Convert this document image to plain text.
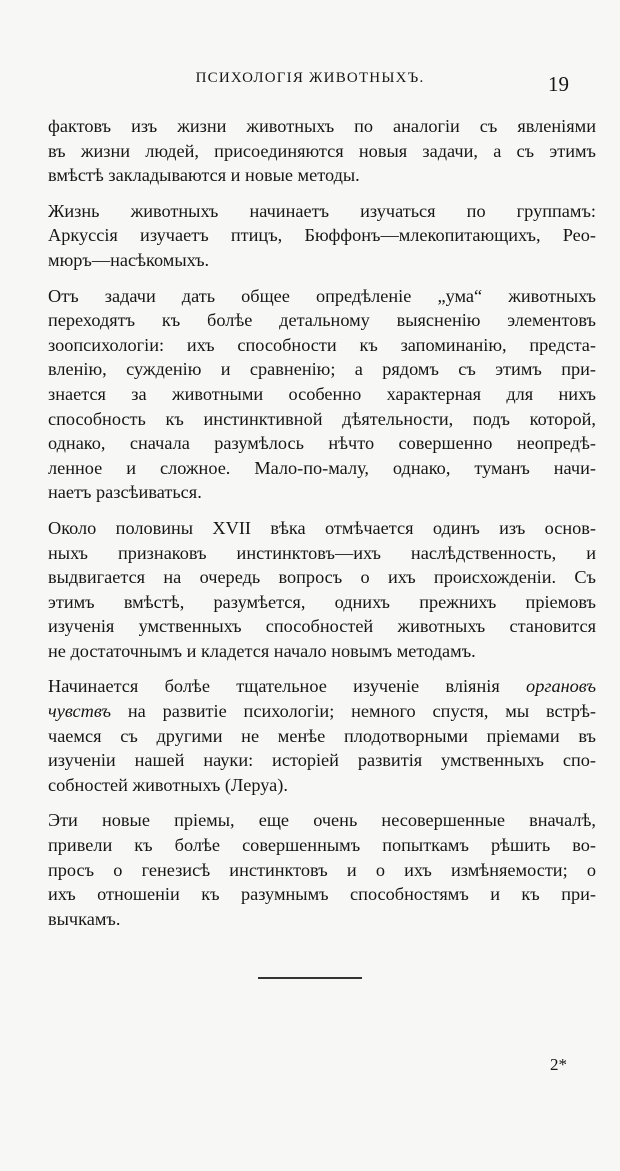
ПСИХОЛОГІЯ ЖИВОТНЫХЪ.	19
фактовъ изъ жизни животныхъ по аналогіи съ явленіями
въ жизни людей, присоединяются новыя задачи, а съ этимъ
вмѣстѣ закладываются и новые методы.
Жизнь животныхъ начинаетъ изучаться по группамъ:
Аркуссія изучаетъ птицъ, Бюффонъ—млекопитающихъ, Рео-
мюръ—насѣкомыхъ.
Отъ задачи дать общее опредѣленіе „ума“ животныхъ
переходятъ къ болѣе детальному выясненію элементовъ
зоопсихологіи: ихъ способности къ запоминанію, предста-
вленію, сужденію и сравненію; а рядомъ съ этимъ при-
знается за животными особенно характерная для нихъ
способность къ инстинктивной дѣятельности, подъ которой,
однако, сначала разумѣлось нѣчто совершенно неопредѣ-
ленное и сложное. Мало-по-малу, однако, туманъ начи-
наетъ разсѣиваться.
Около половины XVII вѣка отмѣчается одинъ изъ основ-
ныхъ признаковъ инстинктовъ—ихъ наслѣдственность, и
выдвигается на очередь вопросъ о ихъ происхожденіи. Съ
этимъ вмѣстѣ, разумѣется, однихъ прежнихъ пріемовъ
изученія умственныхъ способностей животныхъ становится
не достаточнымъ и кладется начало новымъ методамъ.
Начинается болѣе тщательное изученіе вліянія органовъ
чувствъ на развитіе психологіи; немного спустя, мы встрѣ-
чаемся съ другими не менѣе плодотворными пріемами въ
изученіи нашей науки: исторіей развитія умственныхъ спо-
собностей животныхъ (Леруа).
Эти новые пріемы, еще очень несовершенные вначалѣ,
привели къ болѣе совершеннымъ попыткамъ рѣшить во-
просъ о генезисѣ инстинктовъ и о ихъ измѣняемости; о
ихъ отношеніи къ разумнымъ способностямъ и къ при-
вычкамъ.
2*
